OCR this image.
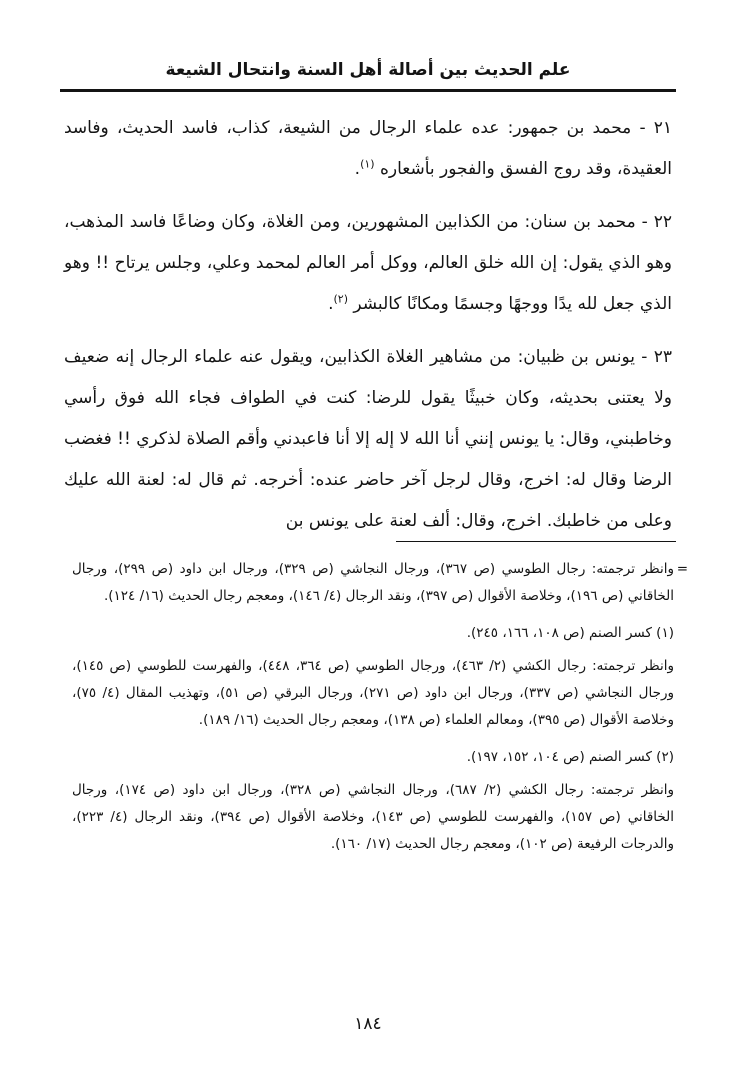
علم الحديث بين أصالة أهل السنة وانتحال الشيعة

٢١ - محمد بن جمهور: عده علماء الرجال من الشيعة، كذاب، فاسد الحديث، وفاسد العقيدة، وقد روج الفسق والفجور بأشعاره $^{(١)}$.

٢٢ - محمد بن سنان: من الكذابين المشهورين، ومن الغلاة، وكان وضاعًا فاسد المذهب، وهو الذي يقول: إن الله خلق العالم، ووكل أمر العالم لمحمد وعلي، وجلس يرتاح !! وهو الذي جعل لله يدًا ووجهًا وجسمًا ومكانًا كالبشر $^{(٢)}$.

٢٣ - يونس بن ظبيان: من مشاهير الغلاة الكذابين، ويقول عنه علماء الرجال إنه ضعيف ولا يعتنى بحديثه، وكان خبيثًا يقول للرضا: كنت في الطواف فجاء الله فوق رأسي وخاطبني، وقال: يا يونس إنني أنا الله لا إله إلا أنا فاعبدني وأقم الصلاة لذكري !! فغضب الرضا وقال له: اخرج، وقال لرجل آخر حاضر عنده: أخرجه. ثم قال له: لعنة الله عليك وعلى من خاطبك. اخرج، وقال: ألف لعنة على يونس بن

=
وانظر ترجمته: رجال الطوسي (ص ٣٦٧)، ورجال النجاشي (ص ٣٢٩)، ورجال ابن داود (ص ٢٩٩)، ورجال الخاقاني (ص ١٩٦)، وخلاصة الأقوال (ص ٣٩٧)، ونقد الرجال (٤/ ١٤٦)، ومعجم رجال الحديث (١٦/ ١٢٤).

(١) كسر الصنم (ص ١٠٨، ١٦٦، ٢٤٥).

وانظر ترجمته: رجال الكشي (٢/ ٤٦٣)، ورجال الطوسي (ص ٣٦٤، ٤٤٨)، والفهرست للطوسي (ص ١٤٥)، ورجال النجاشي (ص ٣٣٧)، ورجال ابن داود (ص ٢٧١)، ورجال البرقي (ص ٥١)، وتهذيب المقال (٤/ ٧٥)، وخلاصة الأقوال (ص ٣٩٥)، ومعالم العلماء (ص ١٣٨)، ومعجم رجال الحديث (١٦/ ١٨٩).

(٢) كسر الصنم (ص ١٠٤، ١٥٢، ١٩٧).

وانظر ترجمته: رجال الكشي (٢/ ٦٨٧)، ورجال النجاشي (ص ٣٢٨)، ورجال ابن داود (ص ١٧٤)، ورجال الخاقاني (ص ١٥٧)، والفهرست للطوسي (ص ١٤٣)، وخلاصة الأقوال (ص ٣٩٤)، ونقد الرجال (٤/ ٢٢٣)، والدرجات الرفيعة (ص ١٠٢)، ومعجم رجال الحديث (١٧/ ١٦٠).

١٨٤
